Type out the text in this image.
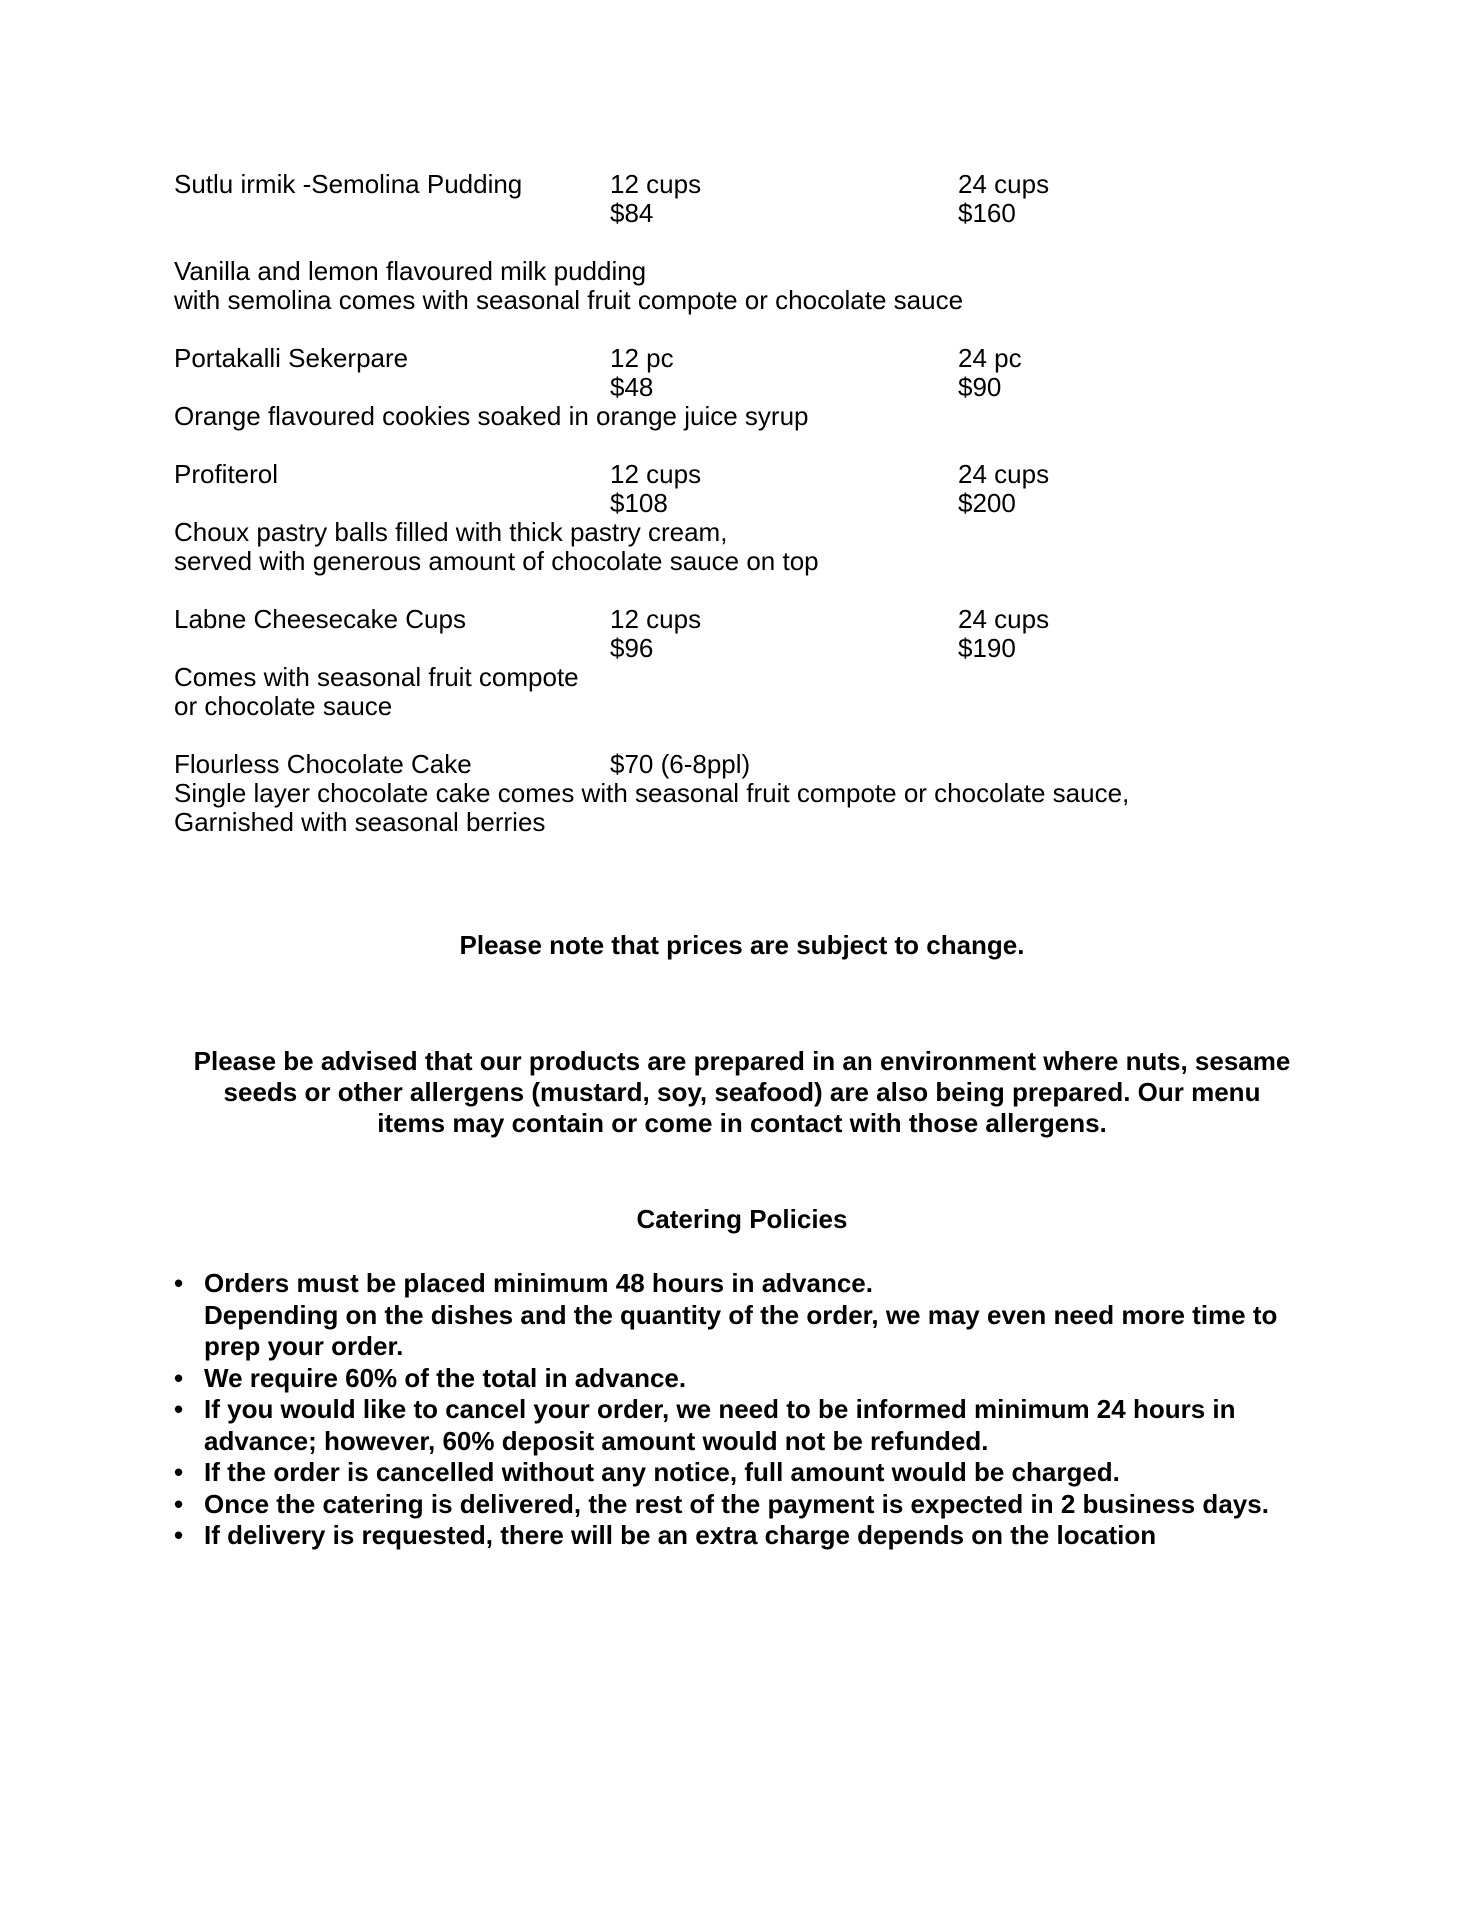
Sutlu irmik -Semolina Pudding	12 cups	24 cups
$84	$160
Vanilla and lemon flavoured milk pudding
with semolina comes with seasonal fruit compote or chocolate sauce
Portakalli Sekerpare	12 pc	24 pc
$48	$90
Orange flavoured cookies soaked in orange juice syrup
Profiterol	12 cups	24 cups
$108	$200
Choux pastry balls filled with thick pastry cream,
served with generous amount of chocolate sauce on top
Labne Cheesecake Cups	12 cups	24 cups
$96	$190
Comes with seasonal fruit compote
or chocolate sauce
Flourless Chocolate Cake	$70 (6-8ppl)
Single layer chocolate cake comes with seasonal fruit compote or chocolate sauce,
Garnished with seasonal berries
Please note that prices are subject to change.
Please be advised that our products are prepared in an environment where nuts, sesame
seeds or other allergens (mustard, soy, seafood) are also being prepared. Our menu
items may contain or come in contact with those allergens.
Catering Policies
• Orders must be placed minimum 48 hours in advance.
Depending on the dishes and the quantity of the order, we may even need more time to
prep your order.
• We require 60% of the total in advance.
• If you would like to cancel your order, we need to be informed minimum 24 hours in
advance; however, 60% deposit amount would not be refunded.
• If the order is cancelled without any notice, full amount would be charged.
• Once the catering is delivered, the rest of the payment is expected in 2 business days.
• If delivery is requested, there will be an extra charge depends on the location
